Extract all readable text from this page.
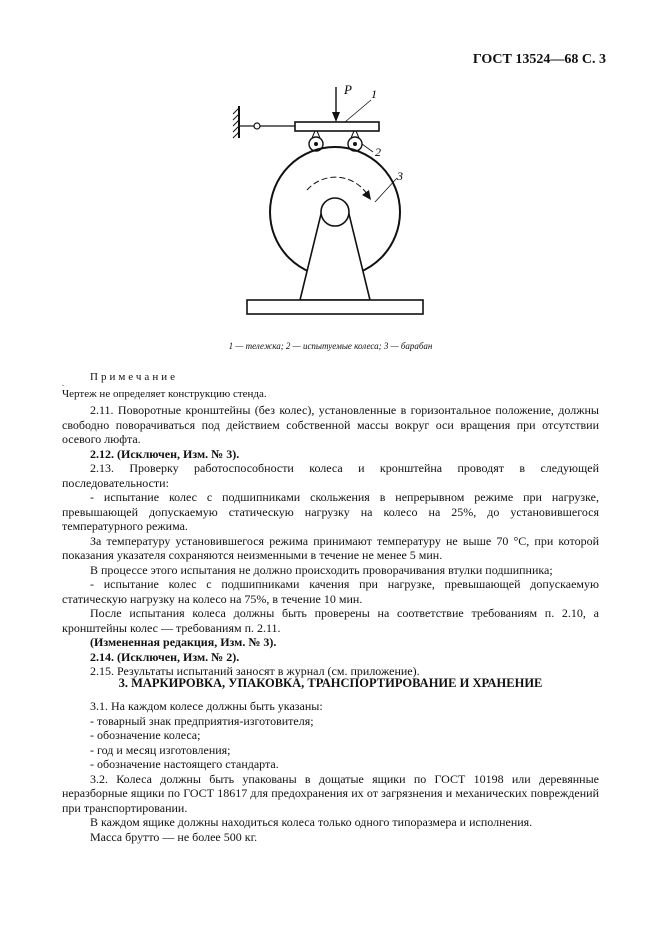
ГОСТ 13524—68 С. 3
P 1
2
3
1 — тележка; 2 — испытуемые колеса; 3 — барабан
Примечание
.
Чертеж не определяет конструкцию стенда.

2.11. Поворотные кронштейны (без колес), установленные в горизонтальное положение, должны свободно поворачиваться под действием собственной массы вокруг оси вращения при отсутствии осевого люфта.

2.12. (Исключен, Изм. № 3).

2.13. Проверку работоспособности колеса и кронштейна проводят в следующей последовательности:

- испытание колес с подшипниками скольжения в непрерывном режиме при нагрузке, превышающей допускаемую статическую нагрузку на колесо на 25%, до установившегося температурного режима.

За температуру установившегося режима принимают температуру не выше 70 °С, при которой показания указателя сохраняются неизменными в течение не менее 5 мин.

В процессе этого испытания не должно происходить проворачивания втулки подшипника;

- испытание колес с подшипниками качения при нагрузке, превышающей допускаемую статическую нагрузку на колесо на 75%, в течение 10 мин.

После испытания колеса должны быть проверены на соответствие требованиям п. 2.10, а кронштейны колес — требованиям п. 2.11.

(Измененная редакция, Изм. № 3).

2.14. (Исключен, Изм. № 2).

2.15. Результаты испытаний заносят в журнал (см. приложение).

3. МАРКИРОВКА, УПАКОВКА, ТРАНСПОРТИРОВАНИЕ И ХРАНЕНИЕ

3.1. На каждом колесе должны быть указаны:

- товарный знак предприятия-изготовителя;

- обозначение колеса;

- год и месяц изготовления;

- обозначение настоящего стандарта.

3.2. Колеса должны быть упакованы в дощатые ящики по ГОСТ 10198 или деревянные неразборные ящики по ГОСТ 18617 для предохранения их от загрязнения и механических повреждений при транспортировании.

В каждом ящике должны находиться колеса только одного типоразмера и исполнения.

Масса брутто — не более 500 кг.
